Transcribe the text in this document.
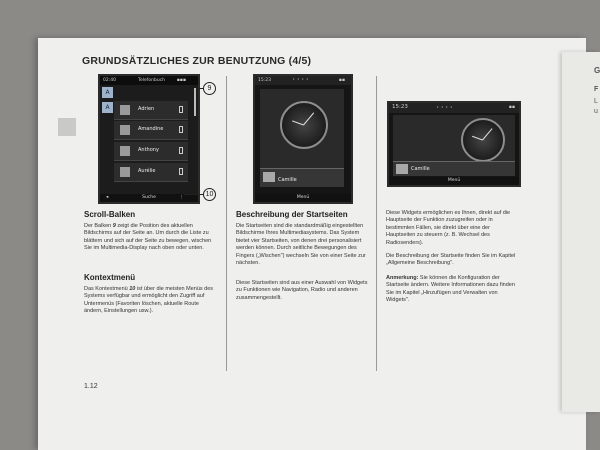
G
F
L
u
GRUNDSÄTZLICHES ZUR BENUTZUNG (4/5)
02:40	Telefonbuch	▪▪▪
A
A	Adrien
Amandine
Anthony
Aurélie
◂	Suche	⋮
9
10
15:23	▪▪
• • • •
Camille
Menü
15:23	▪▪
• • • •
Camille
Menü
Scroll-Balken

Der Balken 9 zeigt die Position des aktuellen Bildschirms auf der Seite an. Um durch die Liste zu blättern und sich auf der Seite zu bewegen, wischen Sie im Multimedia-Display nach oben oder unten.

Kontextmenü

Das Kontextmenü 10 ist über die meisten Menüs des Systems verfügbar und ermöglicht den Zugriff auf Untermenüs (Favoriten löschen, aktuelle Route ändern, Einstellungen usw.).

Beschreibung der Startseiten

Die Startseiten sind die standardmäßig eingestellten Bildschirme Ihres Multimediasystems. Das System bietet vier Startseiten, von denen drei personalisiert werden können. Durch seitliche Bewegungen des Fingers („Wischen") wechseln Sie von einer Seite zur nächsten.

Diese Startseiten sind aus einer Auswahl von Widgets zu Funktionen wie Navigation, Radio und anderen zusammengestellt.

Diese Widgets ermöglichen es Ihnen, direkt auf die Hauptseite der Funktion zuzugreifen oder in bestimmten Fällen, sie direkt über eine der Hauptseiten zu steuern (z. B. Wechsel des Radiosenders).

Die Beschreibung der Startseite finden Sie im Kapitel „Allgemeine Beschreibung".

Anmerkung: Sie können die Konfiguration der Startseite ändern. Weitere Informationen dazu finden Sie im Kapitel „Hinzufügen und Verwalten von Widgets".

1.12
